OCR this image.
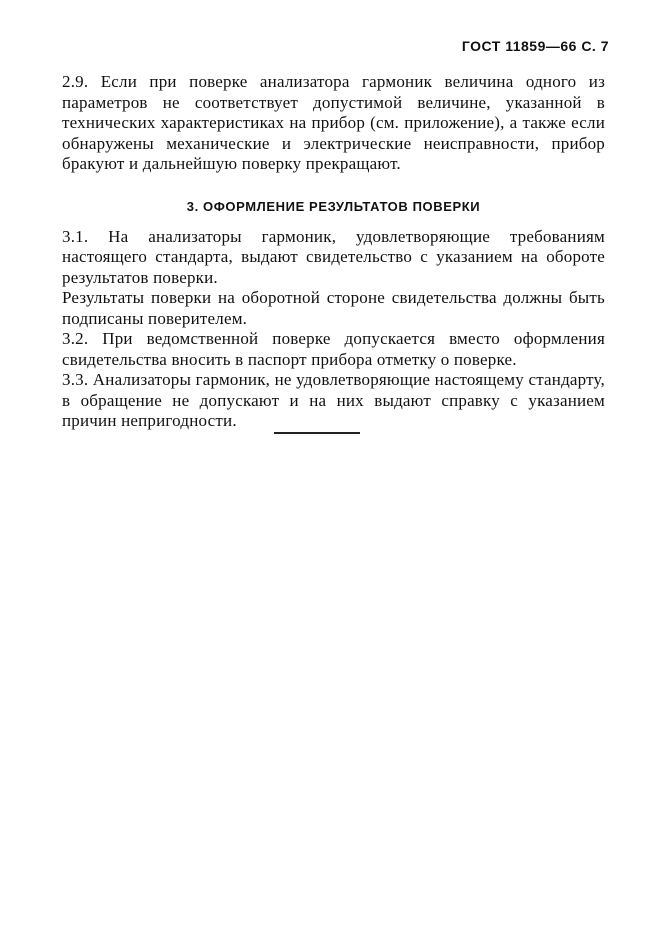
ГОСТ 11859—66 С. 7

2.9. Если при поверке анализатора гармоник величина одного из параметров не соответствует допустимой величине, указанной в технических характеристиках на прибор (см. приложение), а также если обнаружены механические и электрические неисправности, прибор бракуют и дальнейшую поверку прекращают.

3. ОФОРМЛЕНИЕ РЕЗУЛЬТАТОВ ПОВЕРКИ

3.1. На анализаторы гармоник, удовлетворяющие требованиям настоящего стандарта, выдают свидетельство с указанием на обороте результатов поверки.

Результаты поверки на оборотной стороне свидетельства должны быть подписаны поверителем.

3.2. При ведомственной поверке допускается вместо оформления свидетельства вносить в паспорт прибора отметку о поверке.

3.3. Анализаторы гармоник, не удовлетворяющие настоящему стандарту, в обращение не допускают и на них выдают справку с указанием причин непригодности.
